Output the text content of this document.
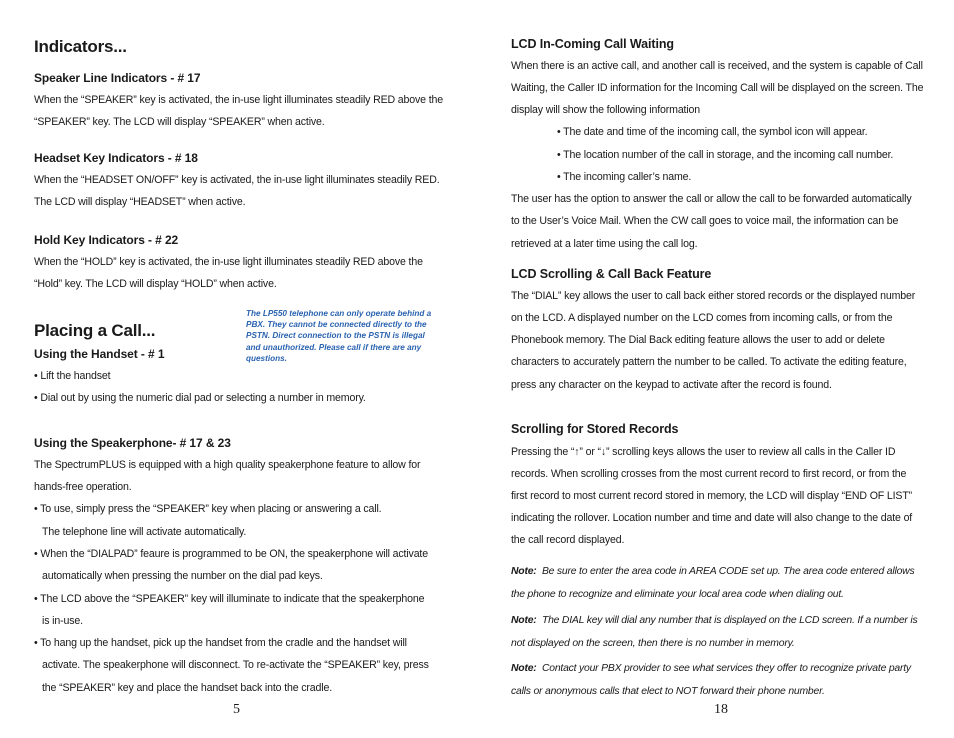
Indicators...
Speaker Line Indicators - # 17
When the “SPEAKER” key is activated, the in-use light illuminates steadily RED above the
“SPEAKER” key. The LCD will display “SPEAKER” when active.
Headset Key Indicators - # 18
When the “HEADSET ON/OFF” key is activated, the in-use light illuminates steadily RED.
The LCD will display “HEADSET” when active.
Hold Key Indicators - # 22
When the “HOLD” key is activated, the in-use light illuminates steadily RED above the
“Hold” key. The LCD will display “HOLD” when active.
The LP550 telephone can only operate behind a
PBX. They cannot be connected directly to the
PSTN. Direct connection to the PSTN is illegal
and unauthorized. Please call if there are any
questions.
Placing a Call...
Using the Handset - # 1
• Lift the handset
• Dial out by using the numeric dial pad or selecting a number in memory.
Using the Speakerphone- # 17 & 23
The SpectrumPLUS is equipped with a high quality speakerphone feature to allow for
hands-free operation.
• To use, simply press the “SPEAKER” key when placing or answering a call.
The telephone line will activate automatically.
• When the “DIALPAD” feaure is programmed to be ON, the speakerphone will activate
automatically when pressing the number on the dial pad keys.
• The LCD above the “SPEAKER” key will illuminate to indicate that the speakerphone
is in-use.
• To hang up the handset, pick up the handset from the cradle and the handset will
activate. The speakerphone will disconnect. To re-activate the “SPEAKER” key, press
the “SPEAKER” key and place the handset back into the cradle.
5
LCD In-Coming Call Waiting
When there is an active call, and another call is received, and the system is capable of Call
Waiting, the Caller ID information for the Incoming Call will be displayed on the screen. The
display will show the following information
• The date and time of the incoming call, the symbol icon will appear.
• The location number of the call in storage, and the incoming call number.
• The incoming caller’s name.
The user has the option to answer the call or allow the call to be forwarded automatically
to the User’s Voice Mail. When the CW call goes to voice mail, the information can be
retrieved at a later time using the call log.
LCD Scrolling & Call Back Feature
The “DIAL” key allows the user to call back either stored records or the displayed number
on the LCD. A displayed number on the LCD comes from incoming calls, or from the
Phonebook memory. The Dial Back editing feature allows the user to add or delete
characters to accurately pattern the number to be called. To activate the editing feature,
press any character on the keypad to activate after the record is found.
Scrolling for Stored Records
Pressing the “↑” or “↓” scrolling keys allows the user to review all calls in the Caller ID
records. When scrolling crosses from the most current record to first record, or from the
first record to most current record stored in memory, the LCD will display “END OF LIST”
indicating the rollover. Location number and time and date will also change to the date of
the call record displayed.
Note: Be sure to enter the area code in AREA CODE set up. The area code entered allows
the phone to recognize and eliminate your local area code when dialing out.
Note: The DIAL key will dial any number that is displayed on the LCD screen. If a number is
not displayed on the screen, then there is no number in memory.
Note: Contact your PBX provider to see what services they offer to recognize private party
calls or anonymous calls that elect to NOT forward their phone number.
18
